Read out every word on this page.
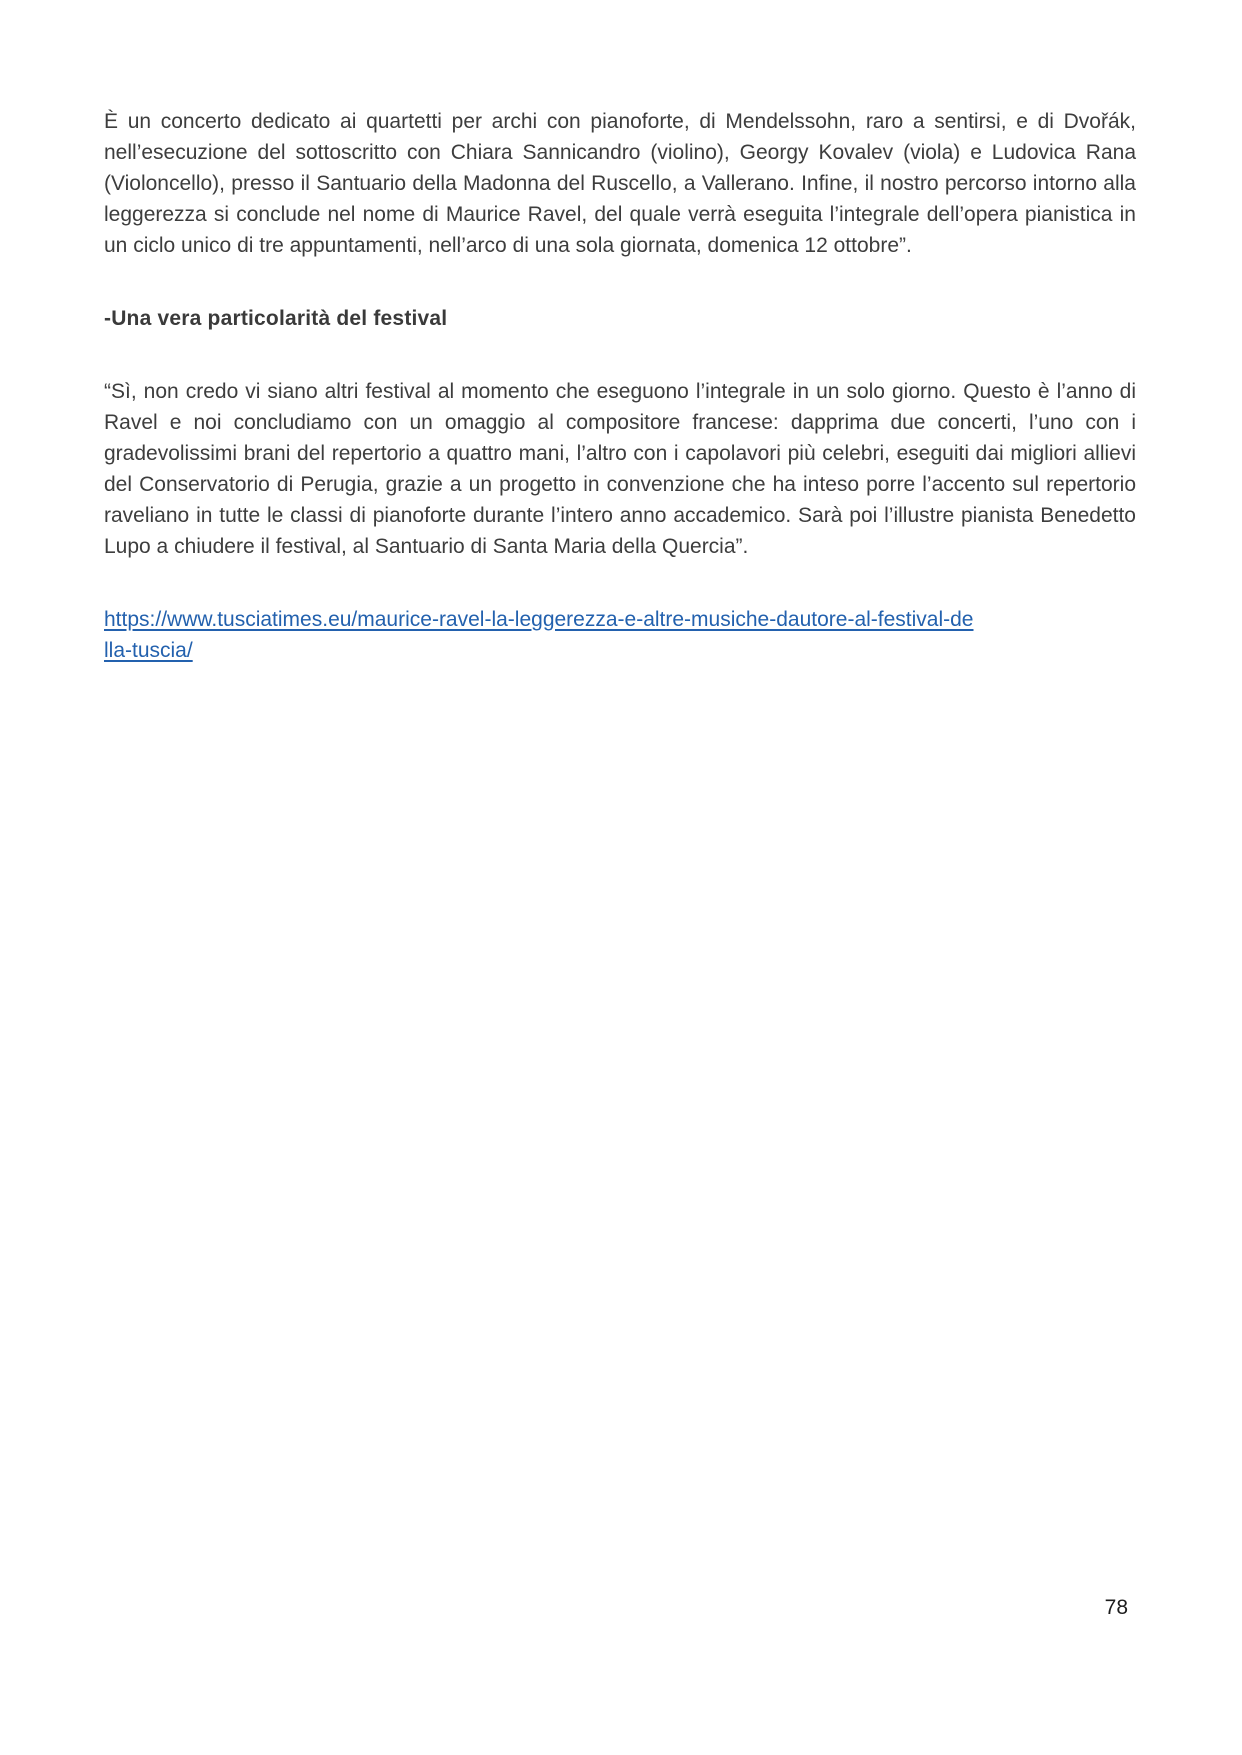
È un concerto dedicato ai quartetti per archi con pianoforte, di Mendelssohn, raro a sentirsi, e di Dvořák, nell’esecuzione del sottoscritto con Chiara Sannicandro (violino), Georgy Kovalev (viola) e Ludovica Rana (Violoncello), presso il Santuario della Madonna del Ruscello, a Vallerano. Infine, il nostro percorso intorno alla leggerezza si conclude nel nome di Maurice Ravel, del quale verrà eseguita l’integrale dell’opera pianistica in un ciclo unico di tre appuntamenti, nell’arco di una sola giornata, domenica 12 ottobre”.

-Una vera particolarità del festival

“Sì, non credo vi siano altri festival al momento che eseguono l’integrale in un solo giorno. Questo è l’anno di Ravel e noi concludiamo con un omaggio al compositore francese: dapprima due concerti, l’uno con i gradevolissimi brani del repertorio a quattro mani, l’altro con i capolavori più celebri, eseguiti dai migliori allievi del Conservatorio di Perugia, grazie a un progetto in convenzione che ha inteso porre l’accento sul repertorio raveliano in tutte le classi di pianoforte durante l’intero anno accademico. Sarà poi l’illustre pianista Benedetto Lupo a chiudere il festival, al Santuario di Santa Maria della Quercia”.

https://www.tusciatimes.eu/maurice-ravel-la-leggerezza-e-altre-musiche-dautore-al-festival-de
lla-tuscia/

78
